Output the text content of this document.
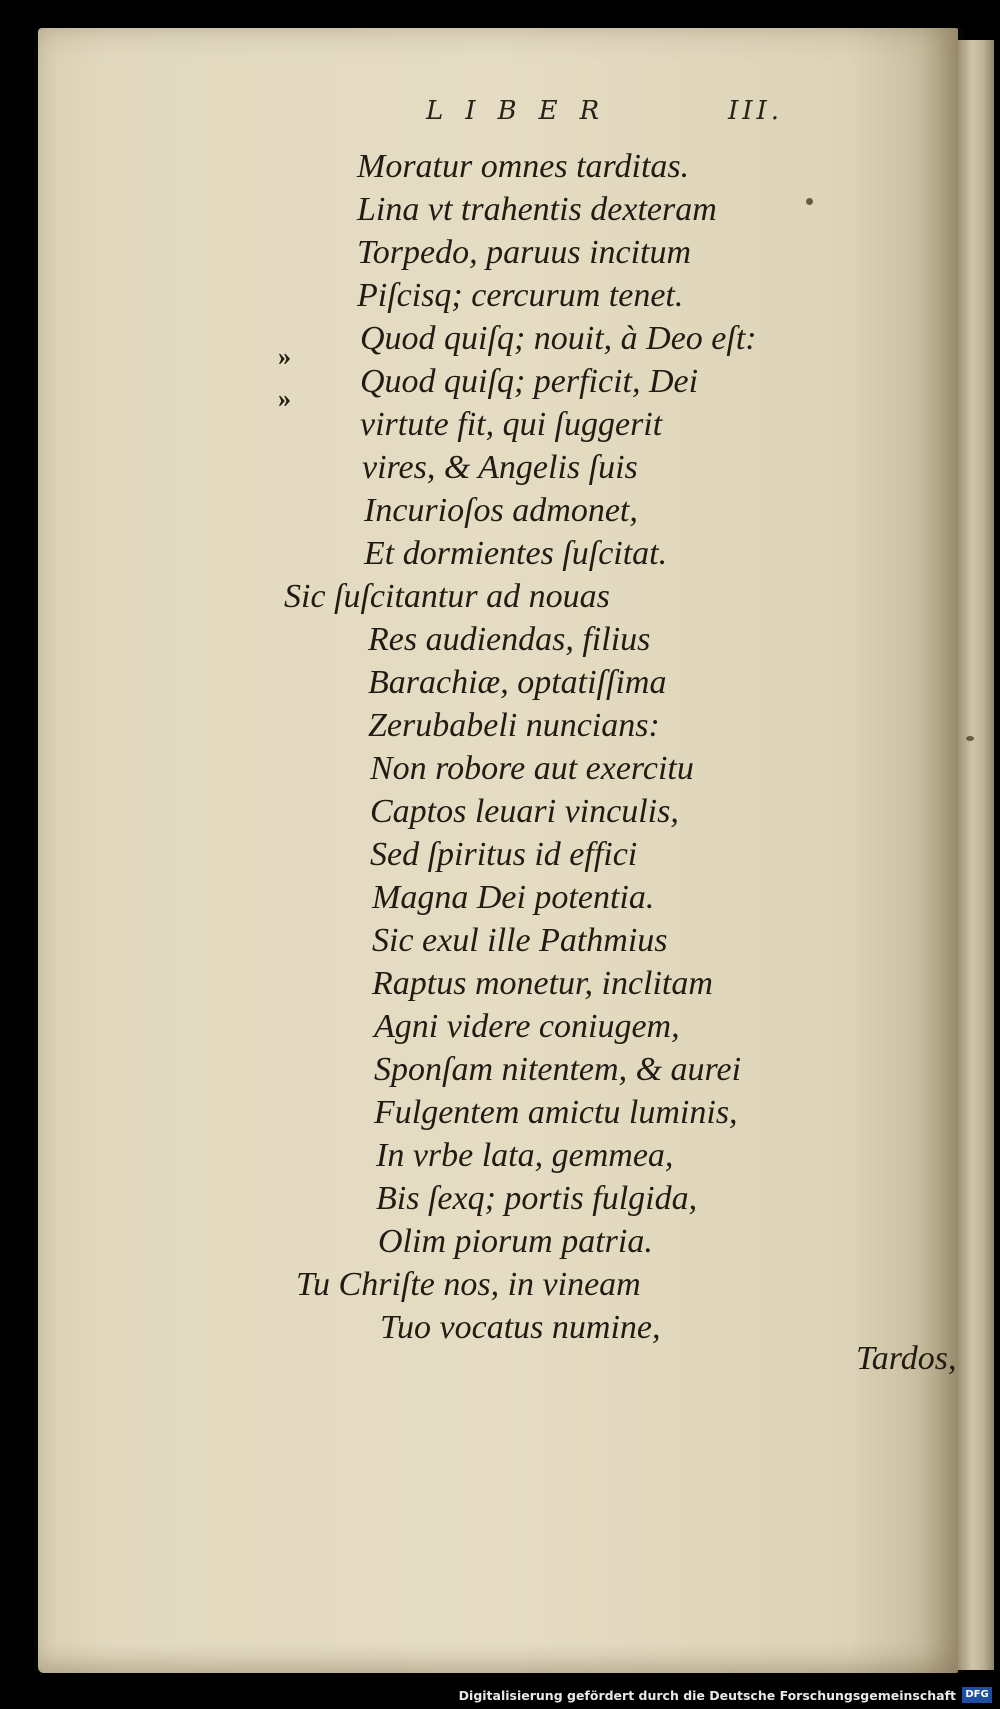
LIBER	III.
»
»
Moratur omnes tarditas.
Lina vt trahentis dexteram
Torpedo, paruus incitum
Piſcisq; cercurum tenet.
Quod quiſq; nouit, à Deo eſt:
Quod quiſq; perficit, Dei
virtute fit, qui ſuggerit
vires, & Angelis ſuis
Incurioſos admonet,
Et dormientes ſuſcitat.
Sic ſuſcitantur ad nouas
Res audiendas, filius
Barachiæ, optatiſſima
Zerubabeli nuncians:
Non robore aut exercitu
Captos leuari vinculis,
Sed ſpiritus id effici
Magna Dei potentia.
Sic exul ille Pathmius
Raptus monetur, inclitam
Agni videre coniugem,
Sponſam nitentem, & aurei
Fulgentem amictu luminis,
In vrbe lata, gemmea,
Bis ſexq; portis fulgida,
Olim piorum patria.
Tu Chriſte nos, in vineam
Tuo vocatus numine,
Tardos,
Digitalisierung gefördert durch die Deutsche Forschungsgemeinschaft DFG
